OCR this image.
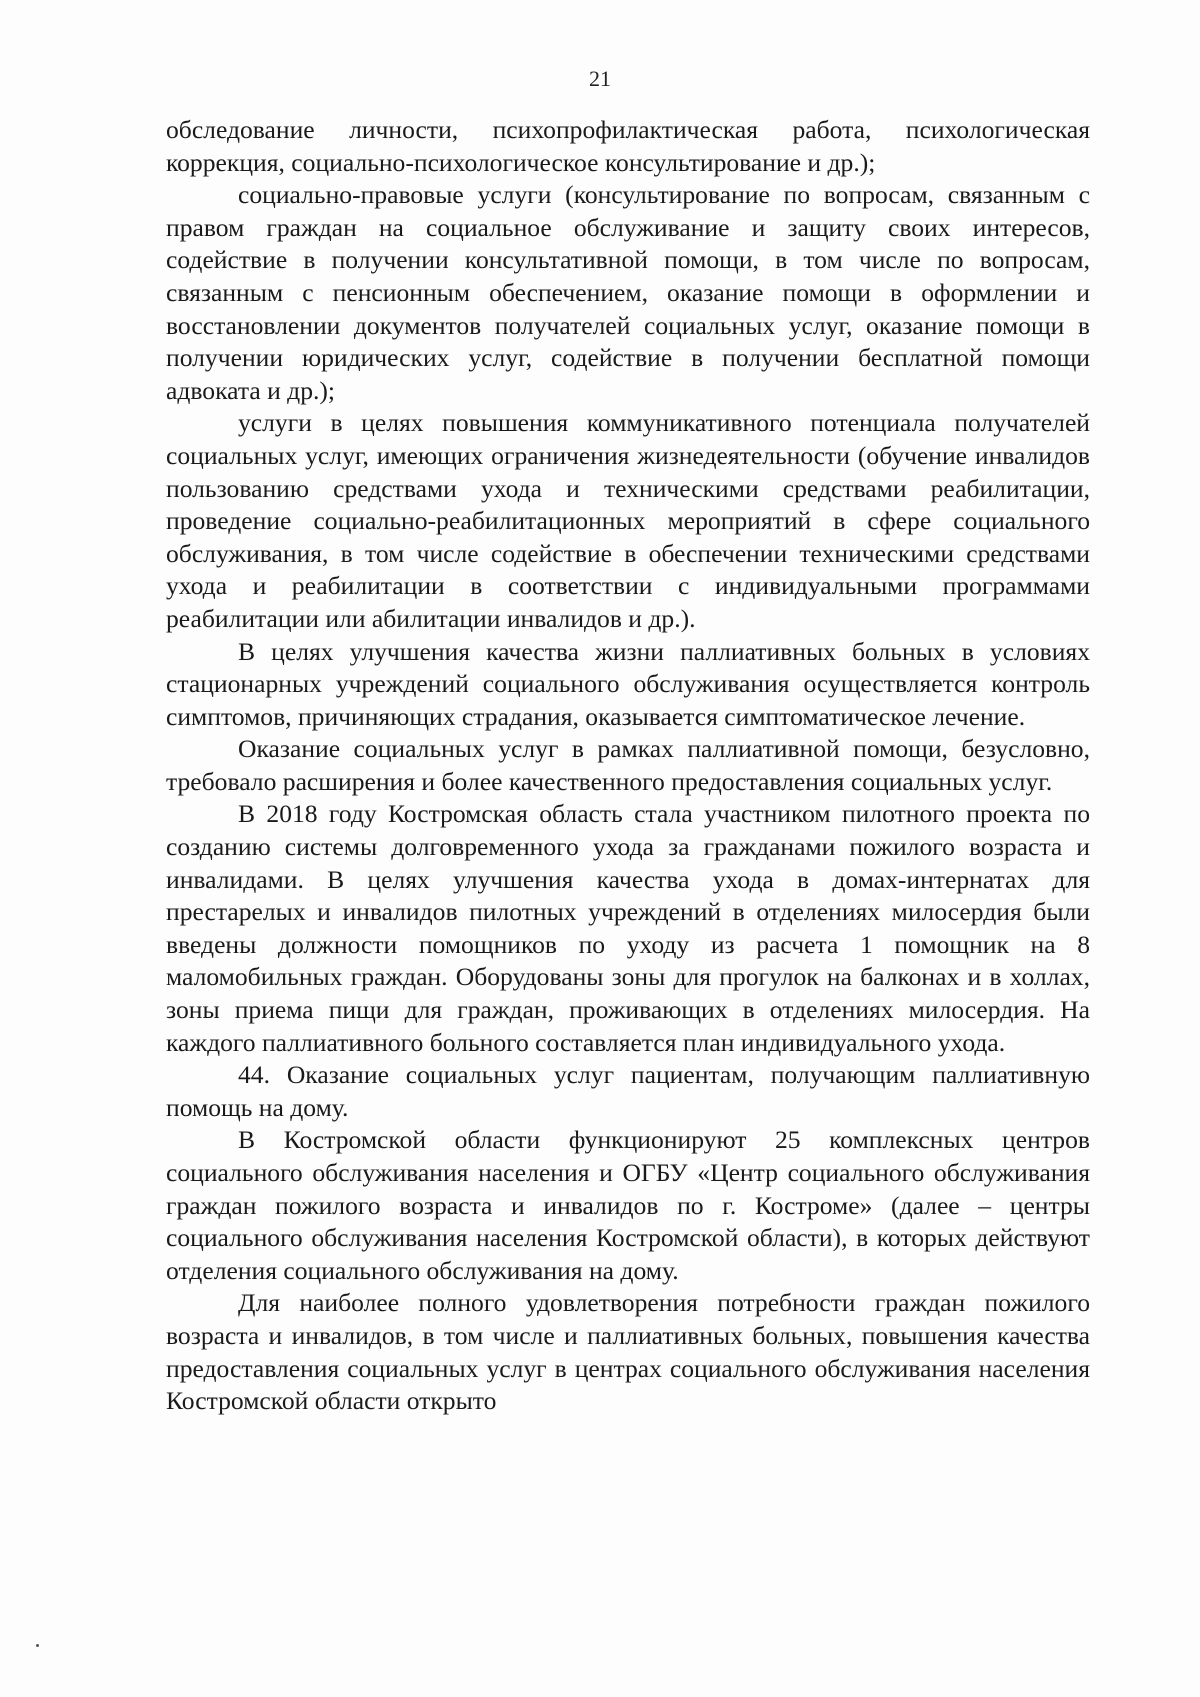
21

обследование личности, психопрофилактическая работа, психологическая коррекция, социально-психологическое консультирование и др.);

социально-правовые услуги (консультирование по вопросам, связанным с правом граждан на социальное обслуживание и защиту своих интересов, содействие в получении консультативной помощи, в том числе по вопросам, связанным с пенсионным обеспечением, оказание помощи в оформлении и восстановлении документов получателей социальных услуг, оказание помощи в получении юридических услуг, содействие в получении бесплатной помощи адвоката и др.);

услуги в целях повышения коммуникативного потенциала получателей социальных услуг, имеющих ограничения жизнедеятельности (обучение инвалидов пользованию средствами ухода и техническими средствами реабилитации, проведение социально-реабилитационных мероприятий в сфере социального обслуживания, в том числе содействие в обеспечении техническими средствами ухода и реабилитации в соответствии с индивидуальными программами реабилитации или абилитации инвалидов и др.).

В целях улучшения качества жизни паллиативных больных в условиях стационарных учреждений социального обслуживания осуществляется контроль симптомов, причиняющих страдания, оказывается симптоматическое лечение.

Оказание социальных услуг в рамках паллиативной помощи, безусловно, требовало расширения и более качественного предоставления социальных услуг.

В 2018 году Костромская область стала участником пилотного проекта по созданию системы долговременного ухода за гражданами пожилого возраста и инвалидами. В целях улучшения качества ухода в домах-интернатах для престарелых и инвалидов пилотных учреждений в отделениях милосердия были введены должности помощников по уходу из расчета 1 помощник на 8 маломобильных граждан. Оборудованы зоны для прогулок на балконах и в холлах, зоны приема пищи для граждан, проживающих в отделениях милосердия. На каждого паллиативного больного составляется план индивидуального ухода.

44. Оказание социальных услуг пациентам, получающим паллиативную помощь на дому.

В Костромской области функционируют 25 комплексных центров социального обслуживания населения и ОГБУ «Центр социального обслуживания граждан пожилого возраста и инвалидов по г. Костроме» (далее – центры социального обслуживания населения Костромской области), в которых действуют отделения социального обслуживания на дому.

Для наиболее полного удовлетворения потребности граждан пожилого возраста и инвалидов, в том числе и паллиативных больных, повышения качества предоставления социальных услуг в центрах социального обслуживания населения Костромской области открыто
